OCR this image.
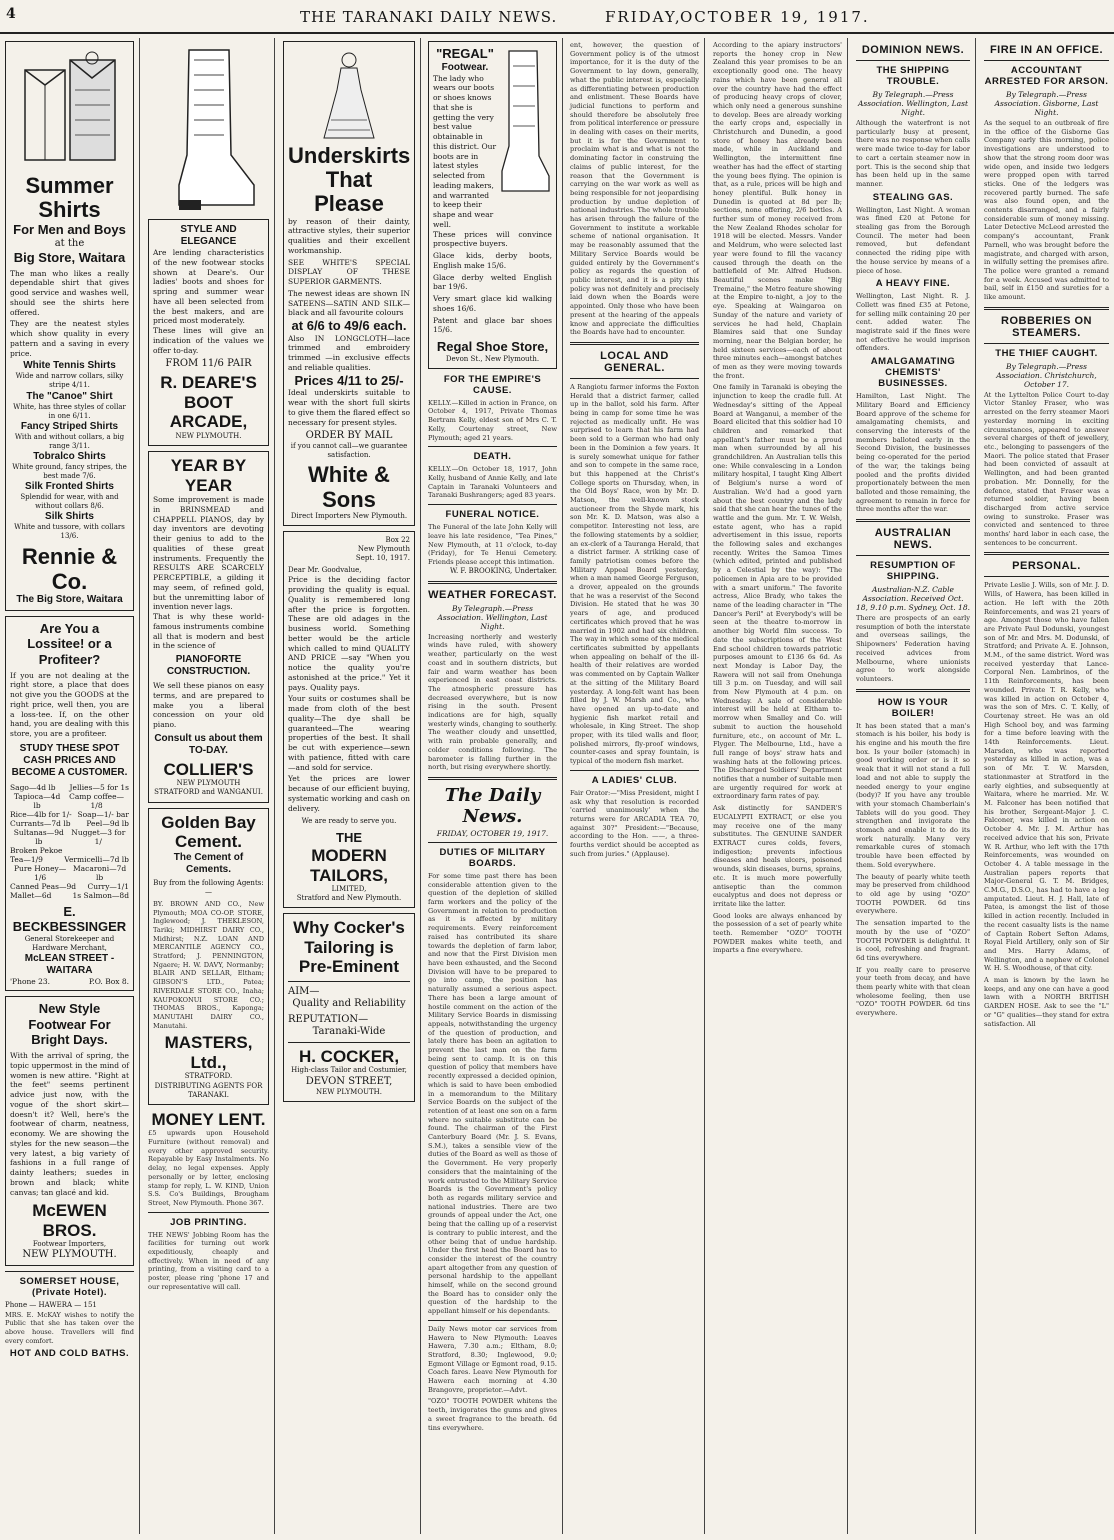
4	THE TARANAKI DAILY NEWS.	FRIDAY,
OCTOBER 19, 1917.
Summer
Shirts
For Men and Boys
at the
Big Store, Waitara
The man who likes a really dependable shirt that gives good service and washes well, should see the shirts here offered.
They are the neatest styles which show quality in every pattern and a saving in every price.
White Tennis Shirts
Wide and narrow collars, silky stripe 4/11.
The "Canoe" Shirt
White, has three styles of collar in one 6/11.
Fancy Striped Shirts
With and without collars, a big range 3/11.
Tobralco Shirts
White ground, fancy stripes, the best made 7/6.
Silk Fronted Shirts
Splendid for wear, with and without collars 8/6.
Silk Shirts
White and tussore, with collars 13/6.
Rennie & Co.
The Big Store, Waitara
Are You a Lossitee! or a Profiteer?
If you are not dealing at the right store, a place that does not give you the GOODS at the right price, well then, you are a loss-tee. If, on the other hand, you are dealing with this store, you are a profiteer.
STUDY THESE SPOT CASH PRICES AND BECOME A CUSTOMER.
Sago—4d lb Jellies—5 for 1s
Tapioca—4d lb
Camp coffee—1/8
Rice—4lb for 1/- Soap—1/- bar
Currants—7d lb Peel—9d lb
Sultanas—9d lb
Nugget—3 for 1/
Broken Pekoe
Tea—1/9	Vermicelli—7d lb
Pure Honey—1/6
Macaroni—7d lb
Canned Peas—9d Curry—1/1
Mallet—6d	1s Salmon—8d
E. BECKBESSINGER
General Storekeeper and Hardware Merchant,
McLEAN STREET - WAITARA
'Phone 23.	P.O. Box 8.
New Style Footwear For Bright Days.
With the arrival of spring, the topic uppermost in the mind of women is new attire. "Right at the feet" seems pertinent advice just now, with the vogue of the short skirt—doesn't it? Well, here's the footwear of charm, neatness, economy. We are showing the styles for the new season—the very latest, a big variety of fashions in a full range of dainty leathers; suedes in brown and black; white canvas; tan glacé and kid.
McEWEN BROS.
Footwear Importers,
NEW PLYMOUTH.
SOMERSET HOUSE, (Private Hotel).
Phone — HAWERA — 151
MRS. E. McKAY wishes to notify the Public that she has taken over the above house. Travellers will find every comfort.
HOT AND COLD BATHS.
STYLE AND ELEGANCE
Are lending characteristics of the new footwear stocks shown at Deare's. Our ladies' boots and shoes for spring and summer wear have all been selected from the best makers, and are priced most moderately.
These lines will give an indication of the values we offer to-day.
FROM 11/6 PAIR
R. DEARE'S BOOT ARCADE,
NEW PLYMOUTH.
YEAR BY YEAR
Some improvement is made in BRINSMEAD and CHAPPELL PIANOS, day by day inventors are devoting their genius to add to the qualities of these great instruments. Frequently the RESULTS ARE SCARCELY PERCEPTIBLE, a gilding it may seem, of refined gold, but the unremitting labor of invention never lags.
That is why these world-famous instruments combine all that is modern and best in the science of
PIANOFORTE CONSTRUCTION.
We sell these pianos on easy terms, and are prepared to make you a liberal concession on your old piano.
Consult us about them TO-DAY.
COLLIER'S
NEW PLYMOUTH STRATFORD and WANGANUI.
Golden Bay Cement.
The Cement of Cements.
Buy from the following Agents:—
BY. BROWN AND CO., New Plymouth; MOA CO-OP. STORE, Inglewood; J. THEKLESON, Tariki; MIDHIRST DAIRY CO., Midhirst; N.Z. LOAN AND MERCANTILE AGENCY CO., Stratford; J. PENNINGTON, Ngaere; H. W. DAVY, Normanby; BLAIR AND SELLAR, Eltham; GIBSON'S LTD., Patea; RIVERDALE STORE CO., Inaha; KAUPOKONUI STORE CO.; THOMAS BROS., Kaponga; MANUTAHI DAIRY CO., Manutahi.
MASTERS, Ltd.,
STRATFORD.
DISTRIBUTING AGENTS FOR TARANAKI.
MONEY LENT.
£5 upwards upon Household Furniture (without removal) and every other approved security. Repayable by Easy Instalments. No delay, no legal expenses. Apply personally or by letter, enclosing stamp for reply, L. W. KIND, Union S.S. Co's Buildings, Brougham Street, New Plymouth. Phone 367.
JOB PRINTING.
THE NEWS' Jobbing Room has the facilities for turning out work expeditiously, cheaply and effectively. When in need of any printing, from a visiting card to a poster, please ring 'phone 17 and our representative will call.
Underskirts That Please
by reason of their dainty, attractive styles, their superior qualities and their excellent workmanship.
SEE WHITE'S SPECIAL DISPLAY OF THESE SUPERIOR GARMENTS.
The newest ideas are shown IN SATEENS—SATIN AND SILK—black and all favourite colours
at 6/6 to 49/6 each.
Also IN LONGCLOTH—lace trimmed and embroidery trimmed —in exclusive effects and reliable qualities.
Prices 4/11 to 25/-
Ideal underskirts suitable to wear with the short full skirts to give them the flared effect so necessary for present styles.
ORDER BY MAIL
if you cannot call—we guarantee satisfaction.
White & Sons
Direct Importers New Plymouth.
Box 22
New Plymouth
Sept. 10, 1917.
Dear Mr. Goodvalue,
Price is the deciding factor providing the quality is equal. Quality is remembered long after the price is forgotten. These are old adages in the business world. Something better would be the article which called to mind QUALITY AND PRICE —say "When you notice the quality you're astonished at the price." Yet it pays. Quality pays.
Your suits or costumes shall be made from cloth of the best quality—The dye shall be guaranteed—The wearing properties of the best. It shall be cut with experience—sewn with patience, fitted with care—and sold for service.
Yet the prices are lower because of our efficient buying, systematic working and cash on delivery.
We are ready to serve you.
THE
MODERN
TAILORS,
LIMITED,
Stratford and New Plymouth.
Why Cocker's Tailoring is Pre-Eminent
AIM—
Quality and Reliability
REPUTATION—
Taranaki-Wide
H. COCKER,
High-class Tailor and Costumier,
DEVON STREET,
NEW PLYMOUTH.
"REGAL"
Footwear.
The lady who wears our boots or shoes knows that she is getting the very best value obtainable in this district. Our boots are in latest styles selected from leading makers, and warranted to keep their shape and wear well.
These prices will convince prospective buyers.
Glace kids, derby boots, English make 15/6.
Glace derby welted English bar 19/6.
Very smart glace kid walking shoes 16/6.
Patent and glace bar shoes 15/6.
Regal Shoe Store,
Devon St., New Plymouth.
FOR THE EMPIRE'S CAUSE.
KELLY.—Killed in action in France, on October 4, 1917, Private Thomas Bertram Kelly, eldest son of Mrs C. T. Kelly, Courtenay street, New Plymouth; aged 21 years.
DEATH.
KELLY.—On October 18, 1917, John Kelly, husband of Annie Kelly, and late Captain in Taranaki Volunteers and Taranaki Bushrangers; aged 83 years.
FUNERAL NOTICE.
The Funeral of the late John Kelly will leave his late residence, "Tea Pines," New Plymouth, at 11 o'clock, to-day (Friday), for Te Henui Cemetery. Friends please accept this intimation.
W. F. BROOKING, Undertaker.
WEATHER FORECAST.
By Telegraph.—Press Association. Wellington, Last Night.
Increasing northerly and westerly winds have ruled, with showery weather, particularly on the west coast and in southern districts, but fair and warm weather has been experienced in east coast districts. The atmospheric pressure has decreased everywhere, but is now rising in the south. Present indications are for high, squally westerly winds, changing to southerly. The weather cloudy and unsettled, with rain probable generally, and colder conditions following. The barometer is falling further in the north, but rising everywhere shortly.
The Daily News.
FRIDAY, OCTOBER 19, 1917.
DUTIES OF MILITARY BOARDS.
For some time past there has been considerable attention given to the question of the depletion of skilled farm workers and the policy of the Government in relation to production as it is affected by military requirements. Every reinforcement raised has contributed its share towards the depletion of farm labor, and now that the First Division men have been exhausted, and the Second Division will have to be prepared to go into camp, the position has naturally assumed a serious aspect. There has been a large amount of hostile comment on the action of the Military Service Boards in dismissing appeals, notwithstanding the urgency of the question of production, and lately there has been an agitation to prevent the last man on the farm being sent to camp. It is on this question of policy that members have recently expressed a decided opinion, which is said to have been embodied in a memorandum to the Military Service Boards on the subject of the retention of at least one son on a farm where no suitable substitute can be found. The chairman of the First Canterbury Board (Mr. J. S. Evans, S.M.), takes a sensible view of the duties of the Board as well as those of the Government. He very properly considers that the maintaining of the work entrusted to the Military Service Boards is the Government's policy both as regards military service and national industries. There are two grounds of appeal under the Act, one being that the calling up of a reservist is contrary to public interest, and the other being that of undue hardship. Under the first head the Board has to consider the interest of the country apart altogether from any question of personal hardship to the appellant himself, while on the second ground the Board has to consider only the question of the hardship to the appellant himself or his dependants.
Daily News motor car services from Hawera to New Plymouth: Leaves Hawera, 7.30 a.m.; Eltham, 8.0; Stratford, 8.30; Inglewood, 9.0; Egmont Village or Egmont road, 9.15. Coach fares. Leave New Plymouth for Hawera each morning at 4.30 Brangovre, proprietor.—Advt.
"OZO" TOOTH POWDER whitens the teeth, invigorates the gums and gives a sweet fragrance to the breath. 6d tins everywhere.
ent, however, the question of Government policy is of the utmost importance, for it is the duty of the Government to lay down, generally, what the public interest is, especially as differentiating between production and enlistment. These Boards have judicial functions to perform and should therefore be absolutely free from political interference or pressure in dealing with cases on their merits, but it is for the Government to proclaim what is and what is not the dominating factor in construing the claims of public interest, for the reason that the Government is carrying on the war work as well as being responsible for not jeopardising production by undue depletion of national industries. The whole trouble has arisen through the failure of the Government to institute a workable scheme of national organisation. It may be reasonably assumed that the Military Service Boards would be guided entirely by the Government's policy as regards the question of public interest, and it is a pity this policy was not definitely and precisely laid down when the Boards were appointed. Only those who have been present at the hearing of the appeals know and appreciate the difficulties the Boards have had to encounter.
LOCAL AND GENERAL.
A Rangiotu farmer informs the Foxton Herald that a district farmer, called up in the ballot, sold his farm. After being in camp for some time he was rejected as medically unfit. He was surprised to learn that his farm had been sold to a German who had only been in the Dominion a few years. It is surely somewhat unique for father and son to compete in the same race, but this happened at the Christ's College sports on Thursday, when, in the Old Boys' Race, won by Mr. D. Matson, the well-known stock auctioneer from the Shyde mark, his son Mr. K. D. Matson, was also a competitor. Interesting not less, are the following statements by a soldier, an ex-clerk of a Tauranga Herald, that a district farmer. A striking case of family patriotism comes before the Military Appeal Board yesterday, when a man named George Ferguson, a drover, appealed on the grounds that he was a reservist of the Second Division. He stated that he was 30 years of age, and produced certificates which proved that he was married in 1902 and had six children. The way in which some of the medical certificates submitted by appellants when appealing on behalf of the ill-health of their relatives are worded was commented on by Captain Walker at the sitting of the Military Board yesterday. A long-felt want has been filled by J. W. Marsh and Co., who have opened an up-to-date and hygienic fish market retail and wholesale, in King Street. The shop proper, with its tiled walls and floor, polished mirrors, fly-proof windows, counter-cases and spray fountain, is typical of the modern fish market.
A LADIES' CLUB.
Fair Orator:—"Miss President, might I ask why that resolution is recorded 'carried unanimously' when the returns were for ARCADIA TEA 70, against 30?" President:—"Because, according to the Hon. ——, a three-fourths verdict should be accepted as such from juries." (Applause).
According to the apiary instructors' reports the honey crop in New Zealand this year promises to be an exceptionally good one. The heavy rains which have been general all over the country have had the effect of producing heavy crops of clover, which only need a generous sunshine to develop. Bees are already working the early crops and, especially in Christchurch and Dunedin, a good store of honey has already been made, while in Auckland and Wellington, the intermittent fine weather has had the effect of starting the young bees flying. The opinion is that, as a rule, prices will be high and honey plentiful. Bulk honey in Dunedin is quoted at 8d per lb; sections, none offering, 2/6 bottles. A further sum of money received from the New Zealand Rhodes scholar for 1918 will be elected. Messrs. Vander and Meldrum, who were selected last year were found to fill the vacancy caused through the death on the battlefield of Mr. Alfred Hudson. Beautiful scenes make "Big Tremaine," the Metro feature showing at the Empire to-night, a joy to the eye. Speaking at Waingaroa on Sunday of the nature and variety of services he had held, Chaplain Blamires said that one Sunday morning, near the Belgian border, he held sixteen services—each of about three minutes each—amongst batches of men as they were moving towards the front.
One family in Taranaki is obeying the injunction to keep the cradle full. At Wednesday's sitting of the Appeal Board at Wanganui, a member of the Board elicited that this soldier had 10 children and remarked that appellant's father must be a proud man when surrounded by all his grandchildren. An Australian tells this one: While convalescing in a London military hospital, I taught King Albert of Belgium's nurse a word of Australian. We'd had a good yarn about the best country and the lady said that she can hear the tunes of the wattle and the gum. Mr. T. W. Welsh, estate agent, who has a rapid advertisement in this issue, reports the following sales and exchanges recently. Writes the Samoa Times (which edited, printed and published by a Celestial by the way): "The policemen in Apia are to be provided with a smart uniform." The favorite actress, Alice Brady, who takes the name of the leading character in "The Dancer's Peril" at Everybody's will be seen at the theatre to-morrow in another big World film success. To date the subscriptions of the West End school children towards patriotic purposes amount to £136 6s 6d. As next Monday is Labor Day, the Rawera will not sail from Onehunga till 3 p.m. on Tuesday, and will sail from New Plymouth at 4 p.m. on Wednesday. A sale of considerable interest will be held at Eltham to-morrow when Smalley and Co. will submit to auction the household furniture, etc., on account of Mr. L. Flyger. The Melbourne, Ltd., have a full range of boys' straw hats and washing hats at the following prices. The Discharged Soldiers' Department notifies that a number of suitable men are urgently required for work at extraordinary farm rates of pay.
Ask distinctly for SANDER'S EUCALYPTI EXTRACT, or else you may receive one of the many substitutes. The GENUINE SANDER EXTRACT cures colds, fevers, indigestion; prevents infectious diseases and heals ulcers, poisoned wounds, skin diseases, burns, sprains, etc. It is much more powerfully antiseptic than the common eucalyptus and does not depress or irritate like the latter.
Good looks are always enhanced by the possession of a set of pearly white teeth. Remember "OZO" TOOTH POWDER makes white teeth, and imparts a fine everywhere.
DOMINION NEWS.
THE SHIPPING TROUBLE.
By Telegraph.—Press Association. Wellington, Last Night.
Although the waterfront is not particularly busy at present, there was no response when calls were made twice to-day for labor to cart a certain steamer now in port. This is the second ship that has been held up in the same manner.
STEALING GAS.
Wellington, Last Night. A woman was fined £20 at Petone for stealing gas from the Borough Council. The meter had been removed, but defendant connected the riding pipe with the house service by means of a piece of hose.
A HEAVY FINE.
Wellington, Last Night. R. J. Collett was fined £35 at Petone, for selling milk containing 20 per cent. added water. The magistrate said if the fines were not effective he would imprison offenders.
AMALGAMATING CHEMISTS' BUSINESSES.
Hamilton, Last Night. The Military Board and Efficiency Board approve of the scheme for amalgamating chemists, and conserving the interests of the members balloted early in the Second Division, the businesses being co-operated for the period of the war, the takings being pooled and the profits divided proportionately between the men balloted and those remaining, the agreement to remain in force for three months after the war.
AUSTRALIAN NEWS.
RESUMPTION OF SHIPPING.
Australian-N.Z. Cable Association. Received Oct. 18, 9.10 p.m. Sydney, Oct. 18.
There are prospects of an early resumption of both the interstate and overseas sailings, the Shipowners' Federation having received advices from Melbourne, where unionists agree to work alongside volunteers.
HOW IS YOUR BOILER!
It has been stated that a man's stomach is his boiler, his body is his engine and his mouth the fire box. Is your boiler (stomach) in good working order or is it so weak that it will not stand a full load and not able to supply the needed energy to your engine (body)? If you have any trouble with your stomach Chamberlain's Tablets will do you good. They strengthen and invigorate the stomach and enable it to do its work naturally. Many very remarkable cures of stomach trouble have been effected by them. Sold everywhere.
The beauty of pearly white teeth may be preserved from childhood to old age by using "OZO" TOOTH POWDER. 6d tins everywhere.
The sensation imparted to the mouth by the use of "OZO" TOOTH POWDER is delightful. It is cool, refreshing and fragrant. 6d tins everywhere.
If you really care to preserve your teeth from decay, and have them pearly white with that clean wholesome feeling, then use "OZO" TOOTH POWDER. 6d tins everywhere.
FIRE IN AN OFFICE.
ACCOUNTANT ARRESTED FOR ARSON.
By Telegraph.—Press Association. Gisborne, Last Night.
As the sequel to an outbreak of fire in the office of the Gisborne Gas Company early this morning, police investigations are understood to show that the strong room door was wide open, and inside two ledgers were propped open with tarred sticks. One of the ledgers was recovered partly burned. The safe was also found open, and the contents disarranged, and a fairly considerable sum of money missing. Later Detective McLeod arrested the company's accountant, Frank Parnell, who was brought before the magistrate, and charged with arson, in wilfully setting the premises afire. The police were granted a remand for a week. Accused was admitted to bail, self in £150 and sureties for a like amount.
ROBBERIES ON STEAMERS.
THE THIEF CAUGHT.
By Telegraph.—Press Association. Christchurch, October 17.
At the Lyttelton Police Court to-day Victor Stanley Fraser, who was arrested on the ferry steamer Maori yesterday morning in exciting circumstances, appeared to answer several charges of theft of jewellery, etc., belonging to passengers of the Maori. The police stated that Fraser had been convicted of assault at Wellington, and had been granted probation. Mr. Donnelly, for the defence, stated that Fraser was a returned soldier, having been discharged from active service owing to sunstroke. Fraser was convicted and sentenced to three months' hard labor in each case, the sentences to be concurrent.
PERSONAL.
Private Leslie J. Wills, son of Mr. J. D. Wills, of Hawera, has been killed in action. He left with the 20th Reinforcements, and was 21 years of age. Amongst those who have fallen are Private Paul Dodunski, youngest son of Mr. and Mrs. M. Dodunski, of Stratford; and Private A. E. Johnson, M.M., of the same district. Word was received yesterday that Lance-Corporal Nen. Lambrinos, of the 11th Reinforcements, has been wounded. Private T. R. Kelly, who was killed in action on October 4, was the son of Mrs. C. T. Kelly, of Courtenay street. He was an old High School boy, and was farming for a time before leaving with the 14th Reinforcements. Lieut. Marsden, who was reported yesterday as killed in action, was a son of Mr. T. W. Marsden, stationmaster at Stratford in the early eighties, and subsequently at Waitara, where he married. Mr. W. M. Falconer has been notified that his brother, Sergeant-Major J. C. Falconer, was killed in action on October 4. Mr. J. M. Arthur has received advice that his son, Private W. R. Arthur, who left with the 17th Reinforcements, was wounded on October 4. A table message in the Australian papers reports that Major-General G. T. M. Bridges, C.M.G., D.S.O., has had to have a leg amputated. Lieut. H. J. Hall, late of Patea, is amongst the list of those killed in action recently. Included in the recent casualty lists is the name of Captain Robert Sefton Adams, Royal Field Artillery, only son of Sir and Mrs. Harry Adams, of Wellington, and a nephew of Colonel W. H. S. Woodhouse, of that city.
A man is known by the lawn he keeps, and any one can have a good lawn with a NORTH BRITISH GARDEN HOSE. Ask to see the "L" or "G" qualities—they stand for extra satisfaction. All
